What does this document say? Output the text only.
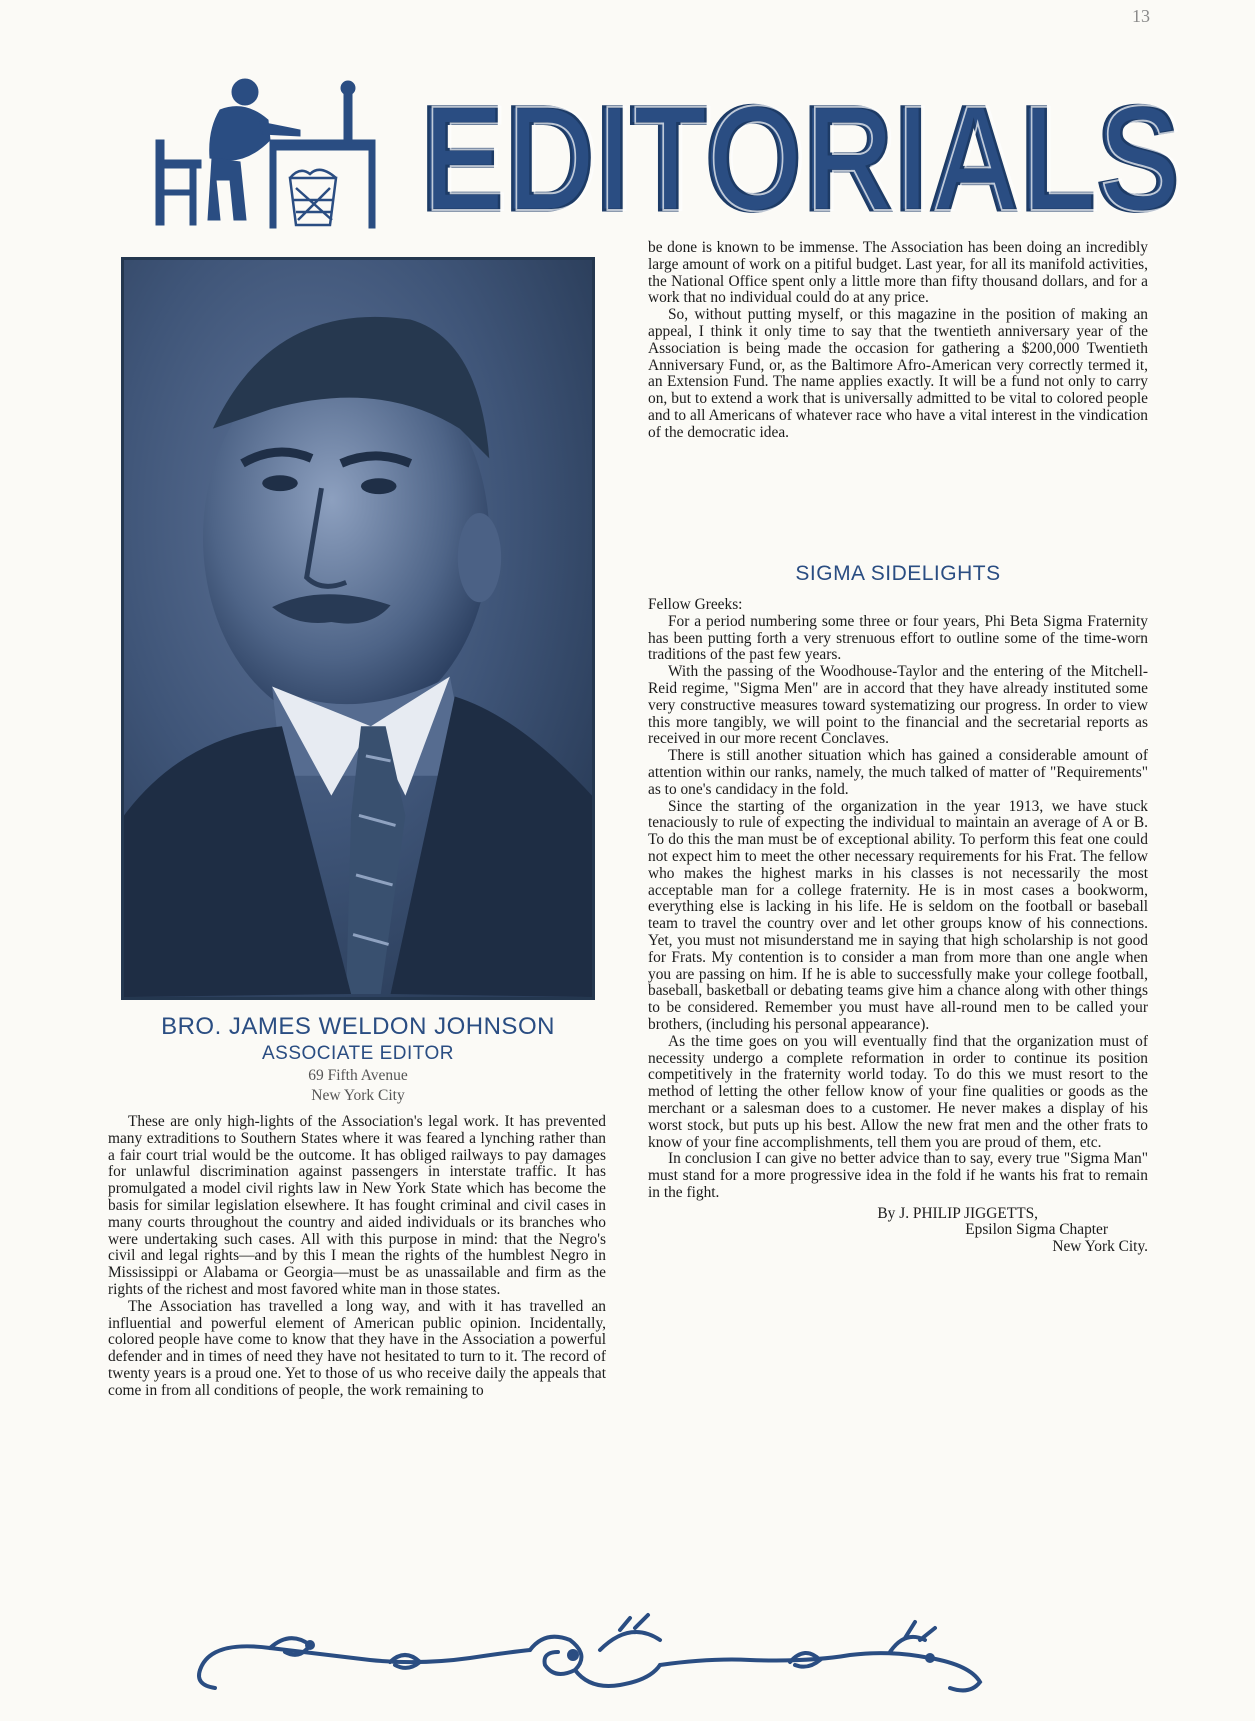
13
EDITORIALS
EDITORIALS
BRO. JAMES WELDON JOHNSON
ASSOCIATE EDITOR
69 Fifth Avenue
New York City

These are only high-lights of the Association's legal work. It has prevented many extraditions to Southern States where it was feared a lynching rather than a fair court trial would be the outcome. It has obliged railways to pay damages for unlawful discrimination against passengers in interstate traffic. It has promulgated a model civil rights law in New York State which has become the basis for similar legislation elsewhere. It has fought criminal and civil cases in many courts throughout the country and aided individuals or its branches who were undertaking such cases. All with this purpose in mind: that the Negro's civil and legal rights—and by this I mean the rights of the humblest Negro in Mississippi or Alabama or Georgia—must be as unassailable and firm as the rights of the richest and most favored white man in those states.

The Association has travelled a long way, and with it has travelled an influential and powerful element of American public opinion. Incidentally, colored people have come to know that they have in the Association a powerful defender and in times of need they have not hesitated to turn to it. The record of twenty years is a proud one. Yet to those of us who receive daily the appeals that come in from all conditions of people, the work remaining to

be done is known to be immense. The Association has been doing an incredibly large amount of work on a pitiful budget. Last year, for all its manifold activities, the National Office spent only a little more than fifty thousand dollars, and for a work that no individual could do at any price.

So, without putting myself, or this magazine in the position of making an appeal, I think it only time to say that the twentieth anniversary year of the Association is being made the occasion for gathering a $200,000 Twentieth Anniversary Fund, or, as the Baltimore Afro-American very correctly termed it, an Extension Fund. The name applies exactly. It will be a fund not only to carry on, but to extend a work that is universally admitted to be vital to colored people and to all Americans of whatever race who have a vital interest in the vindication of the democratic idea.

SIGMA SIDELIGHTS

Fellow Greeks:

For a period numbering some three or four years, Phi Beta Sigma Fraternity has been putting forth a very strenuous effort to outline some of the time-worn traditions of the past few years.

With the passing of the Woodhouse-Taylor and the entering of the Mitchell-Reid regime, "Sigma Men" are in accord that they have already instituted some very constructive measures toward systematizing our progress. In order to view this more tangibly, we will point to the financial and the secretarial reports as received in our more recent Conclaves.

There is still another situation which has gained a considerable amount of attention within our ranks, namely, the much talked of matter of "Requirements" as to one's candidacy in the fold.

Since the starting of the organization in the year 1913, we have stuck tenaciously to rule of expecting the individual to maintain an average of A or B. To do this the man must be of exceptional ability. To perform this feat one could not expect him to meet the other necessary requirements for his Frat. The fellow who makes the highest marks in his classes is not necessarily the most acceptable man for a college fraternity. He is in most cases a bookworm, everything else is lacking in his life. He is seldom on the football or baseball team to travel the country over and let other groups know of his connections. Yet, you must not misunderstand me in saying that high scholarship is not good for Frats. My contention is to consider a man from more than one angle when you are passing on him. If he is able to successfully make your college football, baseball, basketball or debating teams give him a chance along with other things to be considered. Remember you must have all-round men to be called your brothers, (including his personal appearance).

As the time goes on you will eventually find that the organization must of necessity undergo a complete reformation in order to continue its position competitively in the fraternity world today. To do this we must resort to the method of letting the other fellow know of your fine qualities or goods as the merchant or a salesman does to a customer. He never makes a display of his worst stock, but puts up his best. Allow the new frat men and the other frats to know of your fine accomplishments, tell them you are proud of them, etc.

In conclusion I can give no better advice than to say, every true "Sigma Man" must stand for a more progressive idea in the fold if he wants his frat to remain in the fight.

By J. PHILIP JIGGETTS,
Epsilon Sigma Chapter
New York City.
